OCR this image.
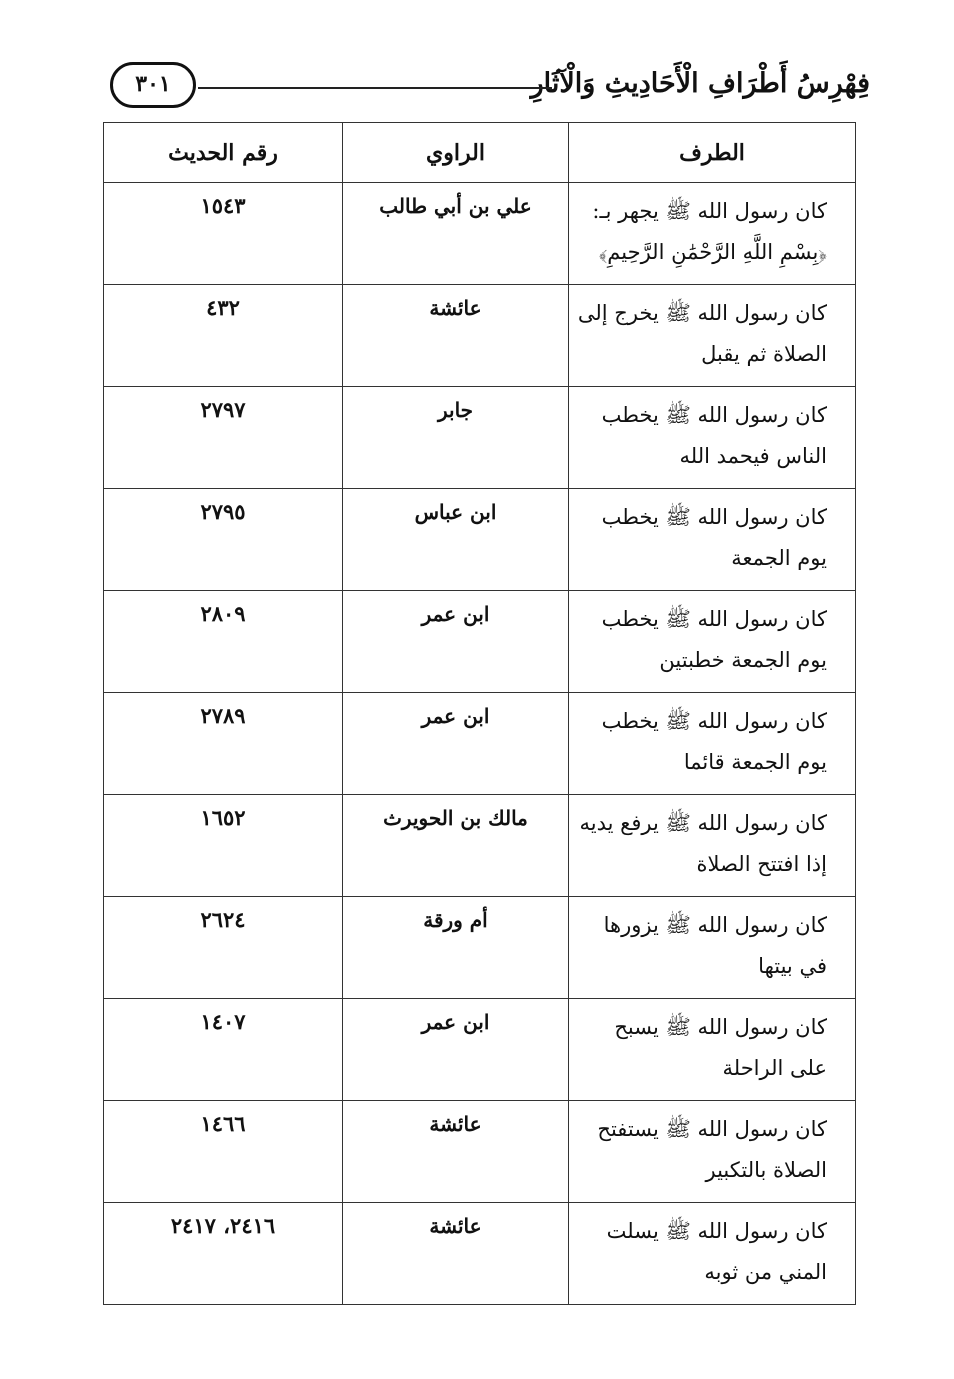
فِهْرِسُ أَطْرَافِ الْأَحَادِيثِ وَالْآثَارِ
٣٠١
الطرف	الراوي	رقم الحديث
كان رسول الله ﷺ يجهر بـ: ﴿بِسْمِ اللَّهِ الرَّحْمَٰنِ الرَّحِيمِ﴾	علي بن أبي طالب	١٥٤٣
كان رسول الله ﷺ يخرج إلى الصلاة ثم يقبل	عائشة	٤٣٢
كان رسول الله ﷺ يخطب الناس فيحمد الله	جابر	٢٧٩٧
كان رسول الله ﷺ يخطب يوم الجمعة	ابن عباس	٢٧٩٥
كان رسول الله ﷺ يخطب يوم الجمعة خطبتين	ابن عمر	٢٨٠٩
كان رسول الله ﷺ يخطب يوم الجمعة قائما	ابن عمر	٢٧٨٩
كان رسول الله ﷺ يرفع يديه إذا افتتح الصلاة	مالك بن الحويرث	١٦٥٢
كان رسول الله ﷺ يزورها في بيتها	أم ورقة	٢٦٢٤
كان رسول الله ﷺ يسبح على الراحلة	ابن عمر	١٤٠٧
كان رسول الله ﷺ يستفتح الصلاة بالتكبير	عائشة	١٤٦٦
كان رسول الله ﷺ يسلت المني من ثوبه	عائشة	٢٤١٦، ٢٤١٧
